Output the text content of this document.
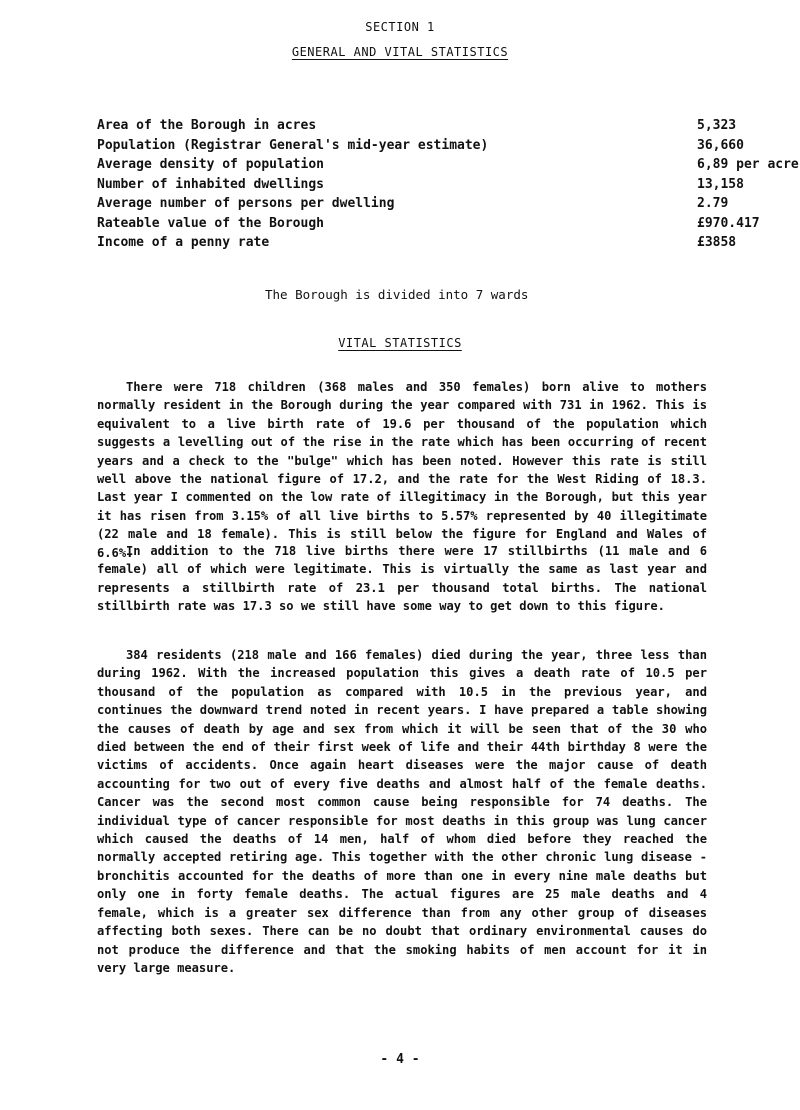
SECTION 1
GENERAL AND VITAL STATISTICS
Area of the Borough in acres	5,323
Population (Registrar General's mid-year estimate)	36,660
Average density of population	6,89 per acre
Number of inhabited dwellings	13,158
Average number of persons per dwelling	2.79
Rateable value of the Borough	£970.417
Income of a penny rate	£3858
The Borough is divided into 7 wards
VITAL STATISTICS

There were 718 children (368 males and 350 females) born alive to mothers normally resident in the Borough during the year compared with 731 in 1962. This is equivalent to a live birth rate of 19.6 per thousand of the population which suggests a levelling out of the rise in the rate which has been occurring of recent years and a check to the "bulge" which has been noted. However this rate is still well above the national figure of 17.2, and the rate for the West Riding of 18.3. Last year I commented on the low rate of illegitimacy in the Borough, but this year it has risen from 3.15% of all live births to 5.57% represented by 40 illegitimate (22 male and 18 female). This is still below the figure for England and Wales of 6.6%.

In addition to the 718 live births there were 17 stillbirths (11 male and 6 female) all of which were legitimate. This is virtually the same as last year and represents a stillbirth rate of 23.1 per thousand total births. The national stillbirth rate was 17.3 so we still have some way to get down to this figure.

384 residents (218 male and 166 females) died during the year, three less than during 1962. With the increased population this gives a death rate of 10.5 per thousand of the population as compared with 10.5 in the previous year, and continues the downward trend noted in recent years. I have prepared a table showing the causes of death by age and sex from which it will be seen that of the 30 who died between the end of their first week of life and their 44th birthday 8 were the victims of accidents. Once again heart diseases were the major cause of death accounting for two out of every five deaths and almost half of the female deaths. Cancer was the second most common cause being responsible for 74 deaths. The individual type of cancer responsible for most deaths in this group was lung cancer which caused the deaths of 14 men, half of whom died before they reached the normally accepted retiring age. This together with the other chronic lung disease - bronchitis accounted for the deaths of more than one in every nine male deaths but only one in forty female deaths. The actual figures are 25 male deaths and 4 female, which is a greater sex difference than from any other group of diseases affecting both sexes. There can be no doubt that ordinary environmental causes do not produce the difference and that the smoking habits of men account for it in very large measure.

- 4 -
